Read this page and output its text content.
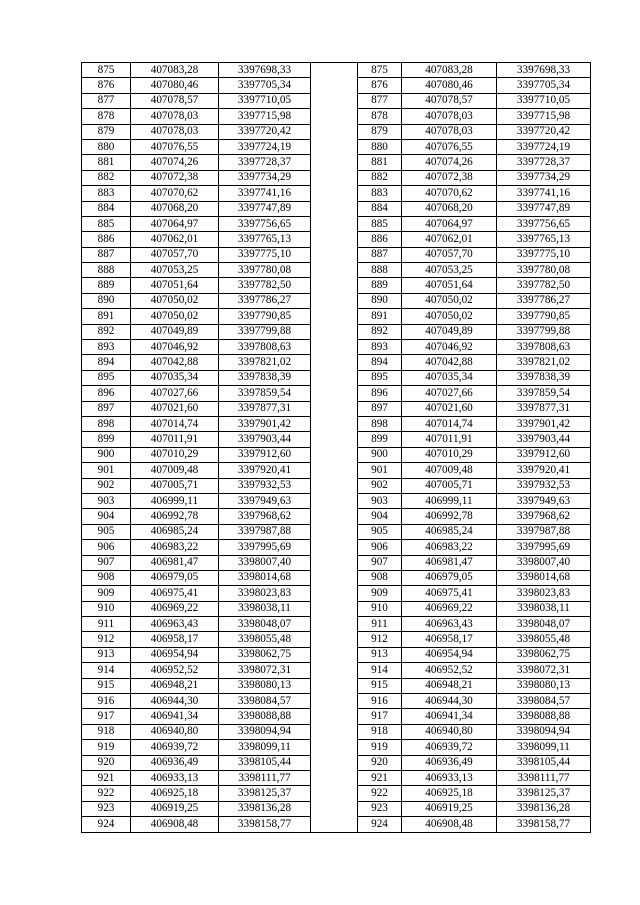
875	407083,28	3397698,33		875	407083,28	3397698,33
876	407080,46	3397705,34		876	407080,46	3397705,34
877	407078,57	3397710,05		877	407078,57	3397710,05
878	407078,03	3397715,98		878	407078,03	3397715,98
879	407078,03	3397720,42		879	407078,03	3397720,42
880	407076,55	3397724,19		880	407076,55	3397724,19
881	407074,26	3397728,37		881	407074,26	3397728,37
882	407072,38	3397734,29		882	407072,38	3397734,29
883	407070,62	3397741,16		883	407070,62	3397741,16
884	407068,20	3397747,89		884	407068,20	3397747,89
885	407064,97	3397756,65		885	407064,97	3397756,65
886	407062,01	3397765,13		886	407062,01	3397765,13
887	407057,70	3397775,10		887	407057,70	3397775,10
888	407053,25	3397780,08		888	407053,25	3397780,08
889	407051,64	3397782,50		889	407051,64	3397782,50
890	407050,02	3397786,27		890	407050,02	3397786,27
891	407050,02	3397790,85		891	407050,02	3397790,85
892	407049,89	3397799,88		892	407049,89	3397799,88
893	407046,92	3397808,63		893	407046,92	3397808,63
894	407042,88	3397821,02		894	407042,88	3397821,02
895	407035,34	3397838,39		895	407035,34	3397838,39
896	407027,66	3397859,54		896	407027,66	3397859,54
897	407021,60	3397877,31		897	407021,60	3397877,31
898	407014,74	3397901,42		898	407014,74	3397901,42
899	407011,91	3397903,44		899	407011,91	3397903,44
900	407010,29	3397912,60		900	407010,29	3397912,60
901	407009,48	3397920,41		901	407009,48	3397920,41
902	407005,71	3397932,53		902	407005,71	3397932,53
903	406999,11	3397949,63		903	406999,11	3397949,63
904	406992,78	3397968,62		904	406992,78	3397968,62
905	406985,24	3397987,88		905	406985,24	3397987,88
906	406983,22	3397995,69		906	406983,22	3397995,69
907	406981,47	3398007,40		907	406981,47	3398007,40
908	406979,05	3398014,68		908	406979,05	3398014,68
909	406975,41	3398023,83		909	406975,41	3398023,83
910	406969,22	3398038,11		910	406969,22	3398038,11
911	406963,43	3398048,07		911	406963,43	3398048,07
912	406958,17	3398055,48		912	406958,17	3398055,48
913	406954,94	3398062,75		913	406954,94	3398062,75
914	406952,52	3398072,31		914	406952,52	3398072,31
915	406948,21	3398080,13		915	406948,21	3398080,13
916	406944,30	3398084,57		916	406944,30	3398084,57
917	406941,34	3398088,88		917	406941,34	3398088,88
918	406940,80	3398094,94		918	406940,80	3398094,94
919	406939,72	3398099,11		919	406939,72	3398099,11
920	406936,49	3398105,44		920	406936,49	3398105,44
921	406933,13	3398111,77		921	406933,13	3398111,77
922	406925,18	3398125,37		922	406925,18	3398125,37
923	406919,25	3398136,28		923	406919,25	3398136,28
924	406908,48	3398158,77		924	406908,48	3398158,77
